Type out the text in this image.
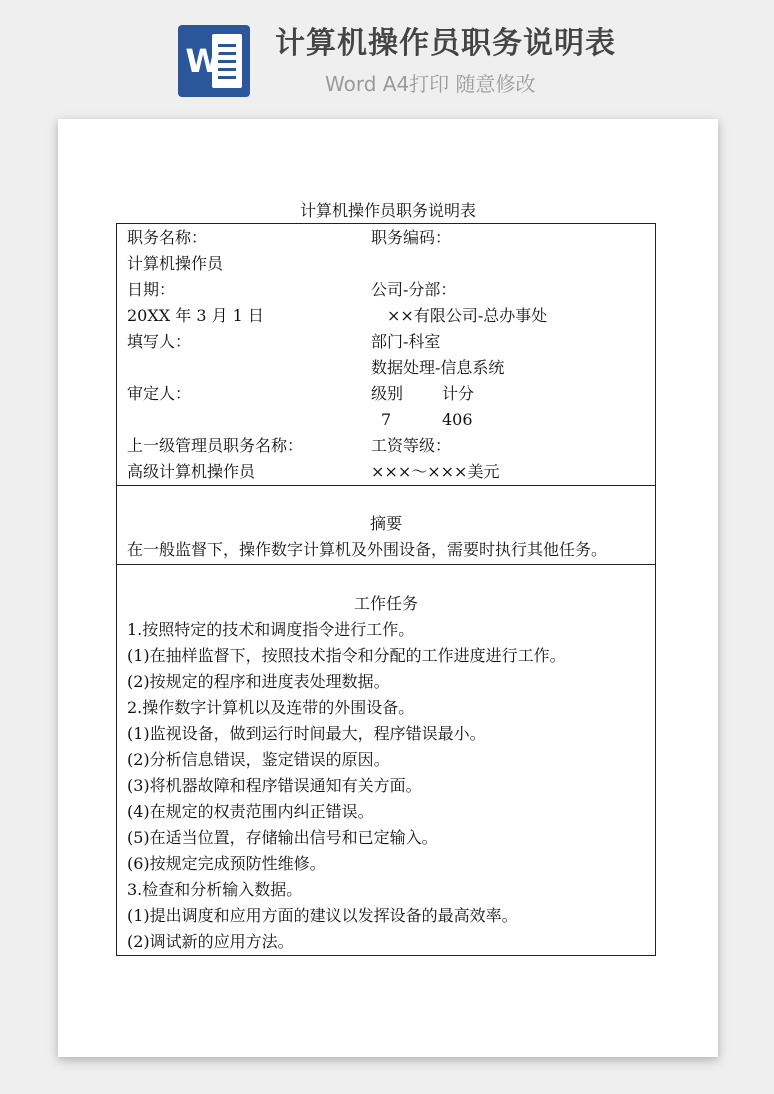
W 计算机操作员职务说明表
Word A4打印 随意修改
计算机操作员职务说明表
职务名称：
计算机操作员
日期：
20XX 年 3 月 1 日
填写人：
审定人：
上一级管理员职务名称：
高级计算机操作员
职务编码：
公司-分部：
××有限公司-总办事处
部门-科室
数据处理-信息系统
级别 计分
7	406
工资等级：
×××～×××美元
摘要
在一般监督下，操作数字计算机及外围设备，需要时执行其他任务。
工作任务
1.按照特定的技术和调度指令进行工作。
(1)在抽样监督下，按照技术指令和分配的工作进度进行工作。
(2)按规定的程序和进度表处理数据。
2.操作数字计算机以及连带的外围设备。
(1)监视设备，做到运行时间最大，程序错误最小。
(2)分析信息错误，鉴定错误的原因。
(3)将机器故障和程序错误通知有关方面。
(4)在规定的权责范围内纠正错误。
(5)在适当位置，存储输出信号和已定输入。
(6)按规定完成预防性维修。
3.检查和分析输入数据。
(1)提出调度和应用方面的建议以发挥设备的最高效率。
(2)调试新的应用方法。
